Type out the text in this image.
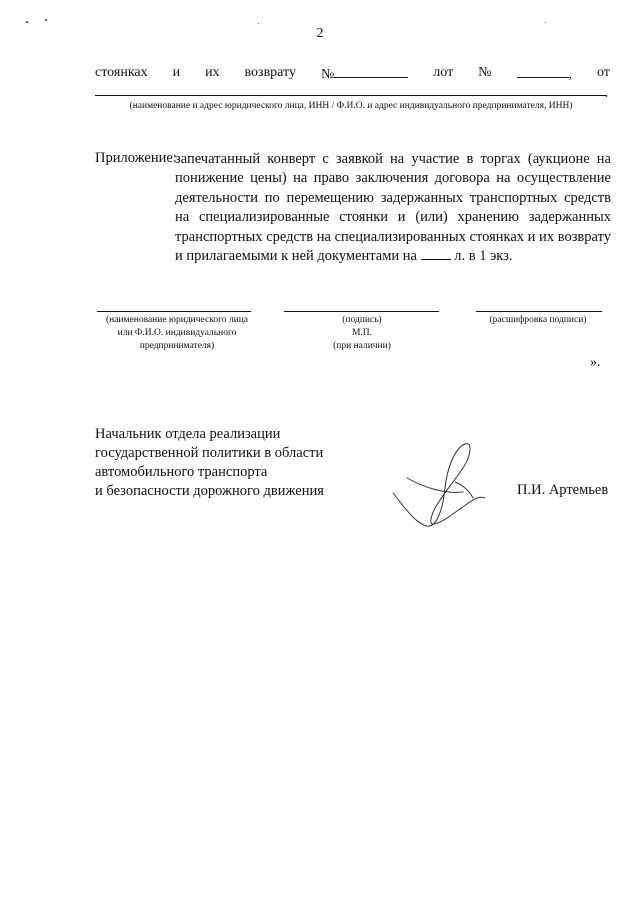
2
стоянках и их возврату №	лот №	, от
.
(наименование и адрес юридического лица, ИНН / Ф.И.О. и адрес индивидуального предпринимателя, ИНН)
Приложение:
запечатанный конверт с заявкой на участие в торгах (аукционе на понижение цены) на право заключения договора на осуществление деятельности по перемещению задержанных транспортных средств на специализированные стоянки и (или) хранению задержанных транспортных средств на специализированных стоянках и их возврату и прилагаемыми к ней документами на	л. в 1 экз.
(наименование юридического лица
или Ф.И.О. индивидуального
предпринимателя)
(подпись)
М.П.
(при наличии)
(расшифровка подписи)
».
Начальник отдела реализации
государственной политики в области
автомобильного транспорта
и безопасности дорожного движения	П.И. Артемьев
